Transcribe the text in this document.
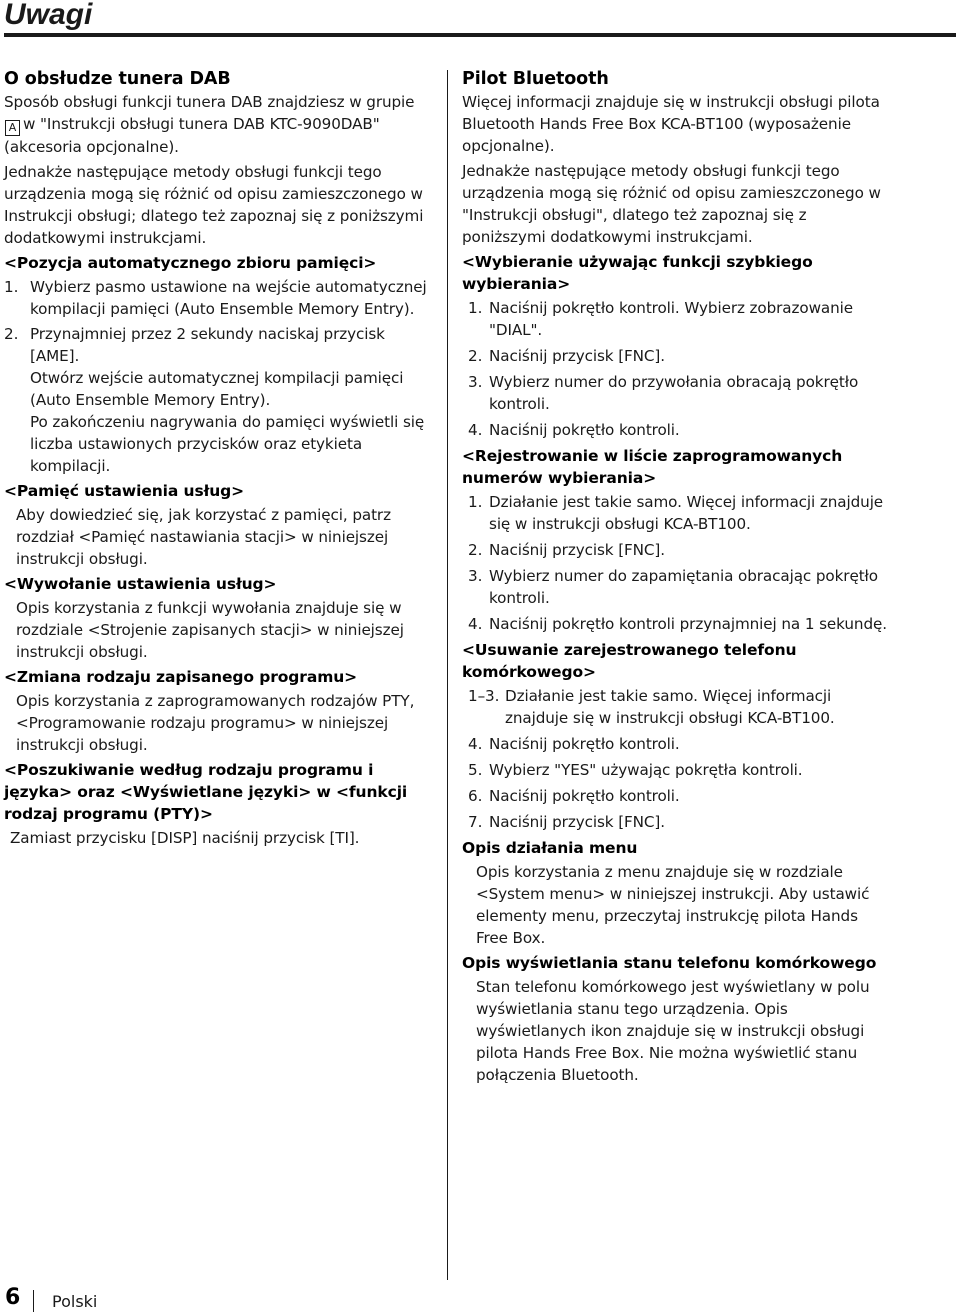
Uwagi
O obsłudze tunera DAB

Sposób obsługi funkcji tunera DAB znajdziesz w grupie A w "Instrukcji obsługi tunera DAB KTC-9090DAB" (akcesoria opcjonalne).

Jednakże następujące metody obsługi funkcji tego urządzenia mogą się różnić od opisu zamieszczonego w Instrukcji obsługi; dlatego też zapoznaj się z poniższymi dodatkowymi instrukcjami.

<Pozycja automatycznego zbioru pamięci>
1. Wybierz pasmo ustawione na wejście automatycznej kompilacji pamięci (Auto Ensemble Memory Entry).
2. Przynajmniej przez 2 sekundy naciskaj przycisk [AME].
Otwórz wejście automatycznej kompilacji pamięci (Auto Ensemble Memory Entry).
Po zakończeniu nagrywania do pamięci wyświetli się liczba ustawionych przycisków oraz etykieta kompilacji.
<Pamięć ustawienia usług>

Aby dowiedzieć się, jak korzystać z pamięci, patrz rozdział <Pamięć nastawiania stacji> w niniejszej instrukcji obsługi.

<Wywołanie ustawienia usług>

Opis korzystania z funkcji wywołania znajduje się w rozdziale <Strojenie zapisanych stacji> w niniejszej instrukcji obsługi.

<Zmiana rodzaju zapisanego programu>

Opis korzystania z zaprogramowanych rodzajów PTY, <Programowanie rodzaju programu> w niniejszej instrukcji obsługi.

<Poszukiwanie według rodzaju programu i języka> oraz <Wyświetlane języki> w <funkcji rodzaj programu (PTY)>

Zamiast przycisku [DISP] naciśnij przycisk [TI].

Pilot Bluetooth

Więcej informacji znajduje się w instrukcji obsługi pilota Bluetooth Hands Free Box KCA-BT100 (wyposażenie opcjonalne).

Jednakże następujące metody obsługi funkcji tego urządzenia mogą się różnić od opisu zamieszczonego w "Instrukcji obsługi", dlatego też zapoznaj się z poniższymi dodatkowymi instrukcjami.

<Wybieranie używając funkcji szybkiego wybierania>
1. Naciśnij pokrętło kontroli. Wybierz zobrazowanie "DIAL".
2. Naciśnij przycisk [FNC].
3. Wybierz numer do przywołania obracają pokrętło kontroli.
4. Naciśnij pokrętło kontroli.
<Rejestrowanie w liście zaprogramowanych numerów wybierania>
1. Działanie jest takie samo. Więcej informacji znajduje się w instrukcji obsługi KCA-BT100.
2. Naciśnij przycisk [FNC].
3. Wybierz numer do zapamiętania obracając pokrętło kontroli.
4. Naciśnij pokrętło kontroli przynajmniej na 1 sekundę.
<Usuwanie zarejestrowanego telefonu komórkowego>
1–3. Działanie jest takie samo. Więcej informacji znajduje się w instrukcji obsługi KCA-BT100.
4. Naciśnij pokrętło kontroli.
5. Wybierz "YES" używając pokrętła kontroli.
6. Naciśnij pokrętło kontroli.
7. Naciśnij przycisk [FNC].
Opis działania menu

Opis korzystania z menu znajduje się w rozdziale <System menu> w niniejszej instrukcji. Aby ustawić elementy menu, przeczytaj instrukcję pilota Hands Free Box.

Opis wyświetlania stanu telefonu komórkowego

Stan telefonu komórkowego jest wyświetlany w polu wyświetlania stanu tego urządzenia. Opis wyświetlanych ikon znajduje się w instrukcji obsługi pilota Hands Free Box. Nie można wyświetlić stanu połączenia Bluetooth.

6 Polski
